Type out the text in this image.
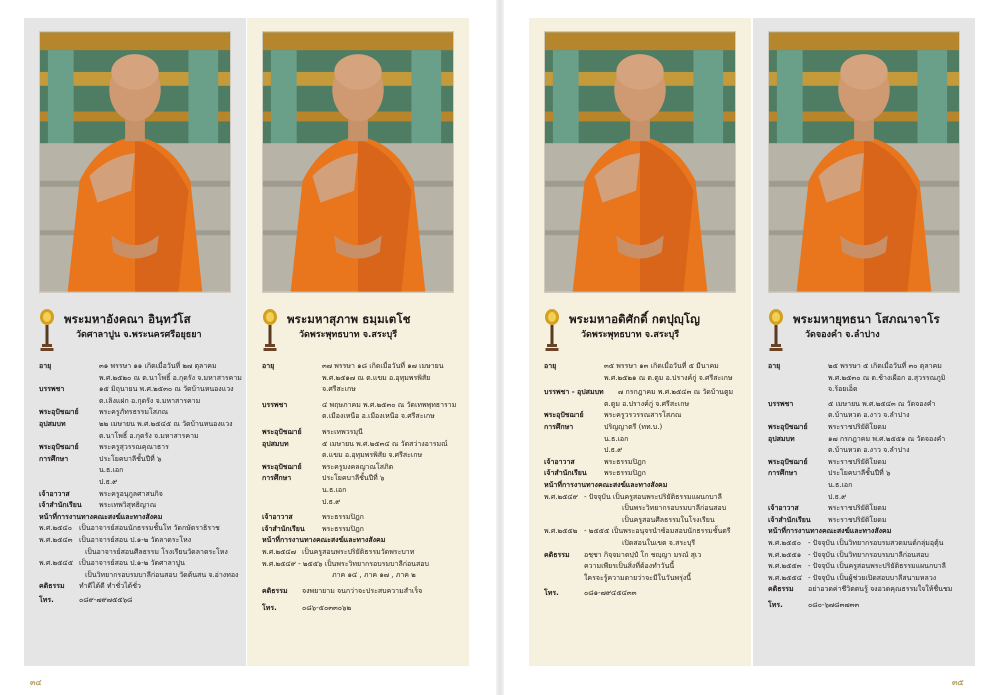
พระมหาอังคณา อินฺทวํโส
วัดศาลาปูน จ.พระนครศรีอยุธยา
อายุ	๓๑ พรรษา ๑๑ เกิดเมื่อวันที่ ๒๗ ตุลาคม
พ.ศ.๒๕๒๐ ณ ต.นาโพธิ์ อ.กุดรัง จ.มหาสารคาม
บรรพชา	๑๕ มิถุนายน พ.ศ.๒๕๓๐ ณ วัดบ้านหนองแวง
ต.เลิงแฝก อ.กุดรัง จ.มหาสารคาม
พระอุปัชฌาย์	พระครูภัทรธรรมโสภณ
อุปสมบท	๒๒ เมษายน พ.ศ.๒๕๔๕ ณ วัดบ้านหนองแวง
ต.นาโพธิ์ อ.กุดรัง จ.มหาสารคาม
พระอุปัชฌาย์	พระครูสุวรรณคุณาธาร
การศึกษา	ประโยคบาลีชั้นปีที่ ๖
น.ธ.เอก
ป.ธ.๙
เจ้าอาวาส	พระครูอนุกูลศาสนกิจ
เจ้าสำนักเรียน	พระเทพวิสุทธิญาณ
หน้าที่การงานทางคณะสงฆ์และทางสังคม
พ.ศ.๒๕๔๐ เป็นอาจารย์สอนนักธรรมชั้นโท วัดกษัตราธิราช
พ.ศ.๒๕๔๓ เป็นอาจารย์สอน ป.๑-๒ วัดลาดระโหง
เป็นอาจารย์สอนศีลธรรม โรงเรียนวัดลาดระโหง
พ.ศ.๒๕๔๕ เป็นอาจารย์สอน ป.๑-๒ วัดศาลาปูน
เป็นวิทยากรอบรมบาลีก่อนสอบ วัดต้นสน จ.อ่างทอง
คติธรรม ทำดีได้ดี ทำชั่วได้ชั่ว
โทร.	๐๘๙-๗๙๗๕๕๖๘
พระมหาสุภาพ ธมฺมเตโช
วัดพระพุทธบาท จ.สระบุรี
อายุ	๓๗ พรรษา ๑๘ เกิดเมื่อวันที่ ๑๗ เมษายน
พ.ศ.๒๕๑๗ ณ ต.แขม อ.อุทุมพรพิสัย
จ.ศรีสะเกษ
บรรพชา	๔ พฤษภาคม พ.ศ.๒๕๓๐ ณ วัดเทพพุทธาราม
ต.เมืองเหนือ อ.เมืองเหนือ จ.ศรีสะเกษ
พระอุปัชฌาย์	พระเทพวรมุนี
อุปสมบท	๕ เมษายน พ.ศ.๒๕๓๔ ณ วัดสว่างอารมณ์
ต.แขม อ.อุทุมพรพิสัย จ.ศรีสะเกษ
พระอุปัชฌาย์	พระครูมงคลญาณโสภิต
การศึกษา	ประโยคบาลีชั้นปีที่ ๖
น.ธ.เอก
ป.ธ.๙
เจ้าอาวาส	พระธรรมปิฎก
เจ้าสำนักเรียน	พระธรรมปิฎก
หน้าที่การงานทางคณะสงฆ์และทางสังคม
พ.ศ.๒๕๔๗ เป็นครูสอนพระปริยัติธรรมวัดพระบาท
พ.ศ.๒๕๔๙ - ๒๕๕๖ เป็นพระวิทยากรอบรมบาลีก่อนสอบ
ภาค ๑๔ , ภาค ๑๗ , ภาค ๒
คติธรรม จงพยายาม จนกว่าจะประสบความสำเร็จ
โทร.	๐๘๖-๕๐๓๓๐๖๒
พระมหาอดิศักดิ์ กตปุญฺโญ
วัดพระพุทธบาท จ.สระบุรี
อายุ	๓๕ พรรษา ๑๓ เกิดเมื่อวันที่ ๕ มีนาคม
พ.ศ.๒๕๒๑ ณ ต.ตูม อ.ปรางค์กู่ จ.ศรีสะเกษ
บรรพชา - อุปสมบท	๗ กรกฎาคม พ.ศ.๒๕๔๓ ณ วัดบ้านตูม
ต.ตูม อ.ปรางค์กู่ จ.ศรีสะเกษ
พระอุปัชฌาย์	พระครูวรวรรณสารโสภณ
การศึกษา	ปริญญาตรี (ทท.บ.)
น.ธ.เอก
ป.ธ.๙
เจ้าอาวาส	พระธรรมปิฎก
เจ้าสำนักเรียน	พระธรรมปิฎก
หน้าที่การงานทางคณะสงฆ์และทางสังคม
พ.ศ.๒๕๔๙ - ปัจจุบัน เป็นครูสอนพระปริยัติธรรมแผนกบาลี
เป็นพระวิทยากรอบรมบาลีก่อนสอบ
เป็นครูสอนศีลธรรมในโรงเรียน
พ.ศ.๒๕๕๒ - ๒๕๕๕ เป็นพระอนุจรนำซ้อมสอบนักธรรมชั้นตรี
เปิดสอนในเขต จ.สระบุรี
คติธรรม อชฺชา กิจฺจมาตปฺปํ โก ชญฺญา มรณํ สุเว
ความเพียรเป็นสิ่งที่ต้องทำวันนี้
ใครจะรู้ความตายว่าจะมีในวันพรุ่งนี้
โทร.	๐๘๑-๗๙๔๕๔๓๓
พระมหายุทธนา โสภณาจาโร
วัดจองคำ จ.ลำปาง
อายุ	๒๕ พรรษา ๕ เกิดเมื่อวันที่ ๓๐ ตุลาคม
พ.ศ.๒๕๓๐ ณ ต.ช้างเผือก อ.สุวรรณภูมิ
จ.ร้อยเอ็ด
บรรพชา	๕ เมษายน พ.ศ.๒๕๔๓ ณ วัดจองคำ
ต.บ้านหวด อ.งาว จ.ลำปาง
พระอุปัชฌาย์	พระราชปริยัติโยดม
อุปสมบท	๑๗ กรกฎาคม พ.ศ.๒๕๕๑ ณ วัดจองคำ
ต.บ้านหวด อ.งาว จ.ลำปาง
พระอุปัชฌาย์	พระราชปริยัติโยดม
การศึกษา	ประโยคบาลีชั้นปีที่ ๖
น.ธ.เอก
ป.ธ.๙
เจ้าอาวาส	พระราชปริยัติโยดม
เจ้าสำนักเรียน	พระราชปริยัติโยดม
หน้าที่การงานทางคณะสงฆ์และทางสังคม
พ.ศ.๒๕๕๐ - ปัจจุบัน เป็นวิทยากรอบรมสวดมนต์กลุ่มอุตุ้น
พ.ศ.๒๕๕๑ - ปัจจุบัน เป็นวิทยากรอบรมบาลีก่อนสอบ
พ.ศ.๒๕๕๓ - ปัจจุบัน เป็นครูสอนพระปริยัติธรรมแผนกบาลี
พ.ศ.๒๕๕๔ - ปัจจุบัน เป็นผู้ช่วยเปิดสอบบาลีสนามหลวง
คติธรรม อย่าอวดค่าชีวิตตนรู้ จงอวดคุณธรรมใจให้ชื่นชม
โทร.	๐๘๐-๖๗๘๓๗๓๓
๓๔	๓๕
